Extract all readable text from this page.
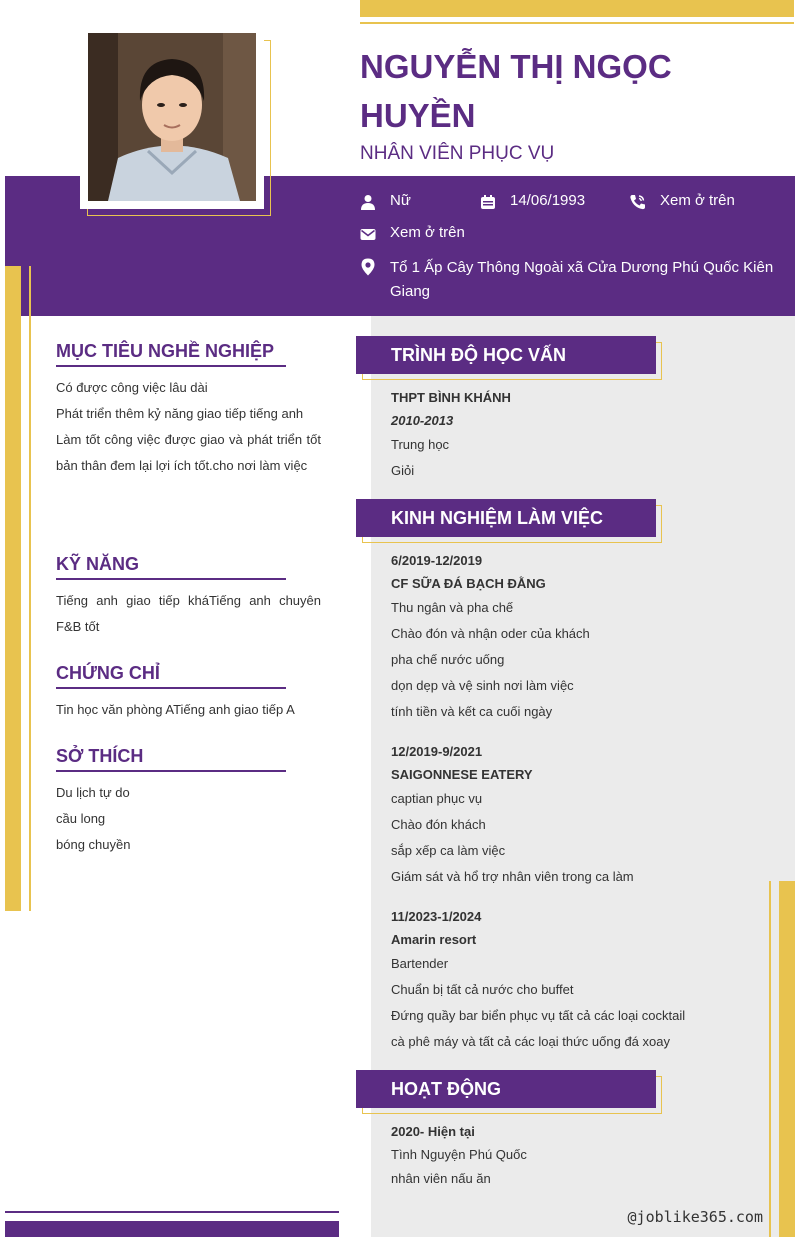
NGUYỄN THỊ NGỌC HUYỀN
NHÂN VIÊN PHỤC VỤ
Nữ	14/06/1993	Xem ở trên
Xem ở trên
Tổ 1 Ấp Cây Thông Ngoài xã Cửa Dương Phú Quốc Kiên Giang
MỤC TIÊU NGHỀ NGHIỆP

Có được công việc lâu dài

Phát triển thêm kỷ năng giao tiếp tiếng anh

Làm tốt công việc được giao và phát triển tốt bản thân đem lại lợi ích tốt.cho nơi làm việc

KỸ NĂNG

Tiếng anh giao tiếp kháTiếng anh chuyên F&B tốt

CHỨNG CHỈ

Tin học văn phòng ATiếng anh giao tiếp A

SỞ THÍCH

Du lịch tự do

cầu long

bóng chuyền

TRÌNH ĐỘ HỌC VẤN
THPT BÌNH KHÁNH
2010-2013
Trung học
Giỏi
KINH NGHIỆM LÀM VIỆC
6/2019-12/2019
CF SỮA ĐÁ BẠCH ĐẰNG
Thu ngân và pha chế
Chào đón và nhận oder của khách
pha chế nước uống
dọn dẹp và vệ sinh nơi làm việc
tính tiền và kết ca cuối ngày
12/2019-9/2021
SAIGONNESE EATERY
captian phục vụ
Chào đón khách
sắp xếp ca làm việc
Giám sát và hổ trợ nhân viên trong ca làm
11/2023-1/2024
Amarin resort
Bartender
Chuẩn bị tất cả nước cho buffet
Đứng quầy bar biển phục vụ tất cả các loại cocktail
cà phê máy và tất cả các loại thức uống đá xoay
HOẠT ĐỘNG
2020- Hiện tại
Tình Nguyện Phú Quốc
nhân viên nấu ăn
@joblike365.com
